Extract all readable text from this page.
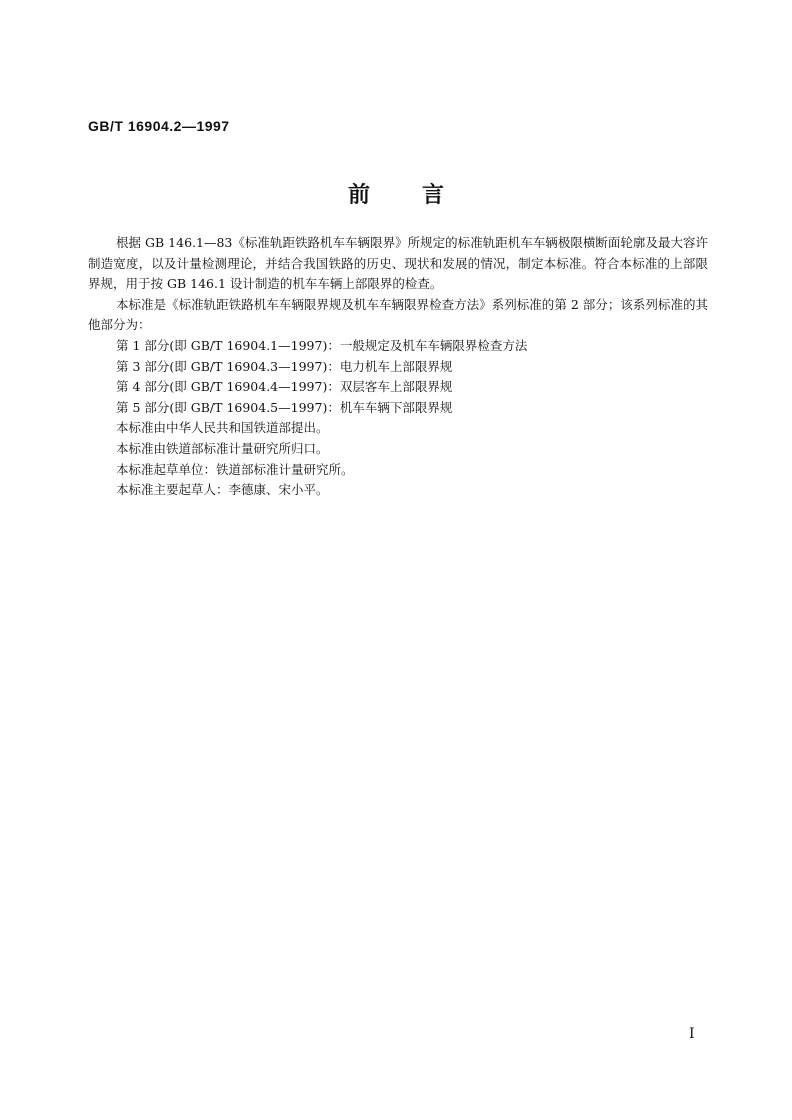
GB/T 16904.2—1997
前言

根据 GB 146.1—83《标准轨距铁路机车车辆限界》所规定的标准轨距机车车辆极限横断面轮廓及最大容许制造宽度，以及计量检测理论，并结合我国铁路的历史、现状和发展的情况，制定本标准。符合本标准的上部限界规，用于按 GB 146.1 设计制造的机车车辆上部限界的检查。

本标准是《标准轨距铁路机车车辆限界规及机车车辆限界检查方法》系列标准的第 2 部分；该系列标准的其他部分为：

第 1 部分(即 GB/T 16904.1—1997)：一般规定及机车车辆限界检查方法

第 3 部分(即 GB/T 16904.3—1997)：电力机车上部限界规

第 4 部分(即 GB/T 16904.4—1997)：双层客车上部限界规

第 5 部分(即 GB/T 16904.5—1997)：机车车辆下部限界规

本标准由中华人民共和国铁道部提出。

本标准由铁道部标准计量研究所归口。

本标准起草单位：铁道部标准计量研究所。

本标准主要起草人：李德康、宋小平。

I
